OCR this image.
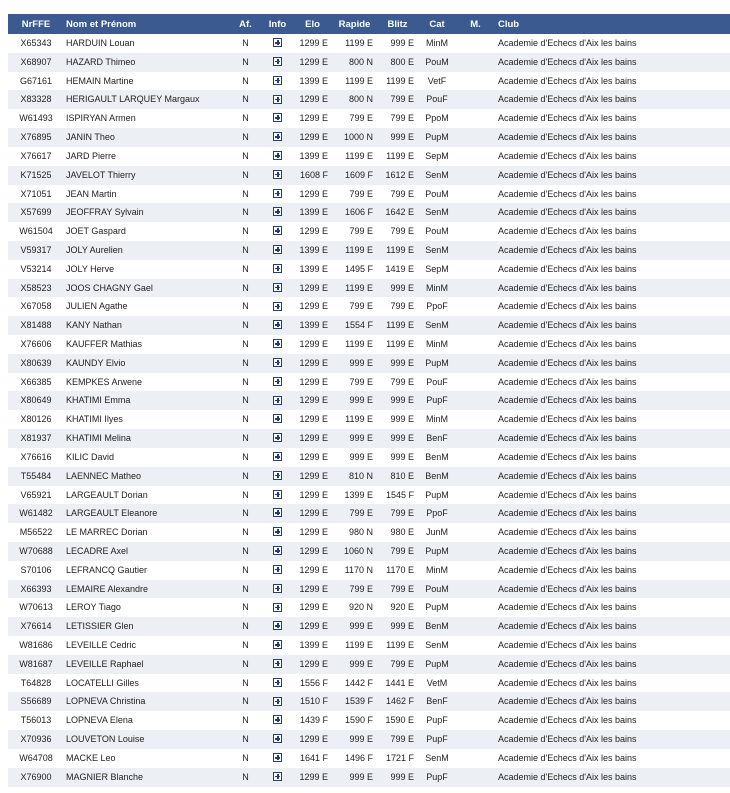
NrFFE	Nom et Prénom	Af.	Info	Elo	Rapide	Blitz	Cat	M.	Club
X65343	HARDUIN Louan	N		1299 E	1199 E	999 E	MinM		Academie d'Echecs d'Aix les bains
X68907	HAZARD Thimeo	N		1299 E	800 N	800 E	PouM		Academie d'Echecs d'Aix les bains
G67161	HEMAIN Martine	N		1399 E	1199 E	1199 E	VetF		Academie d'Echecs d'Aix les bains
X83328	HERIGAULT LARQUEY Margaux	N		1299 E	800 N	799 E	PouF		Academie d'Echecs d'Aix les bains
W61493	ISPIRYAN Armen	N		1299 E	799 E	799 E	PpoM		Academie d'Echecs d'Aix les bains
X76895	JANIN Theo	N		1299 E	1000 N	999 E	PupM		Academie d'Echecs d'Aix les bains
X76617	JARD Pierre	N		1399 E	1199 E	1199 E	SepM		Academie d'Echecs d'Aix les bains
K71525	JAVELOT Thierry	N		1608 F	1609 F	1612 E	SenM		Academie d'Echecs d'Aix les bains
X71051	JEAN Martin	N		1299 E	799 E	799 E	PouM		Academie d'Echecs d'Aix les bains
X57699	JEOFFRAY Sylvain	N		1399 E	1606 F	1642 E	SenM		Academie d'Echecs d'Aix les bains
W61504	JOET Gaspard	N		1299 E	799 E	799 E	PouM		Academie d'Echecs d'Aix les bains
V59317	JOLY Aurelien	N		1399 E	1199 E	1199 E	SenM		Academie d'Echecs d'Aix les bains
V53214	JOLY Herve	N		1399 E	1495 F	1419 E	SepM		Academie d'Echecs d'Aix les bains
X58523	JOOS CHAGNY Gael	N		1299 E	1199 E	999 E	MinM		Academie d'Echecs d'Aix les bains
X67058	JULIEN Agathe	N		1299 E	799 E	799 E	PpoF		Academie d'Echecs d'Aix les bains
X81488	KANY Nathan	N		1399 E	1554 F	1199 E	SenM		Academie d'Echecs d'Aix les bains
X76606	KAUFFER Mathias	N		1299 E	1199 E	1199 E	MinM		Academie d'Echecs d'Aix les bains
X80639	KAUNDY Elvio	N		1299 E	999 E	999 E	PupM		Academie d'Echecs d'Aix les bains
X66385	KEMPKES Arwene	N		1299 E	799 E	799 E	PouF		Academie d'Echecs d'Aix les bains
X80649	KHATIMI Emma	N		1299 E	999 E	999 E	PupF		Academie d'Echecs d'Aix les bains
X80126	KHATIMI Ilyes	N		1299 E	1199 E	999 E	MinM		Academie d'Echecs d'Aix les bains
X81937	KHATIMI Melina	N		1299 E	999 E	999 E	BenF		Academie d'Echecs d'Aix les bains
X76616	KILIC David	N		1299 E	999 E	999 E	BenM		Academie d'Echecs d'Aix les bains
T55484	LAENNEC Matheo	N		1299 E	810 N	810 E	BenM		Academie d'Echecs d'Aix les bains
V65921	LARGEAULT Dorian	N		1299 E	1399 E	1545 F	PupM		Academie d'Echecs d'Aix les bains
W61482	LARGEAULT Eleanore	N		1299 E	799 E	799 E	PpoF		Academie d'Echecs d'Aix les bains
M56522	LE MARREC Dorian	N		1299 E	980 N	980 E	JunM		Academie d'Echecs d'Aix les bains
W70688	LECADRE Axel	N		1299 E	1060 N	799 E	PupM		Academie d'Echecs d'Aix les bains
S70106	LEFRANCQ Gautier	N		1299 E	1170 N	1170 E	MinM		Academie d'Echecs d'Aix les bains
X66393	LEMAIRE Alexandre	N		1299 E	799 E	799 E	PouM		Academie d'Echecs d'Aix les bains
W70613	LEROY Tiago	N		1299 E	920 N	920 E	PupM		Academie d'Echecs d'Aix les bains
X76614	LETISSIER Glen	N		1299 E	999 E	999 E	BenM		Academie d'Echecs d'Aix les bains
W81686	LEVEILLE Cedric	N		1399 E	1199 E	1199 E	SenM		Academie d'Echecs d'Aix les bains
W81687	LEVEILLE Raphael	N		1299 E	999 E	799 E	PupM		Academie d'Echecs d'Aix les bains
T64828	LOCATELLI Gilles	N		1556 F	1442 F	1441 E	VetM		Academie d'Echecs d'Aix les bains
S56689	LOPNEVA Christina	N		1510 F	1539 F	1462 F	BenF		Academie d'Echecs d'Aix les bains
T56013	LOPNEVA Elena	N		1439 F	1590 F	1590 E	PupF		Academie d'Echecs d'Aix les bains
X70936	LOUVETON Louise	N		1299 E	999 E	799 E	PupF		Academie d'Echecs d'Aix les bains
W64708	MACKE Leo	N		1641 F	1496 F	1721 F	SenM		Academie d'Echecs d'Aix les bains
X76900	MAGNIER Blanche	N		1299 E	999 E	999 E	PupF		Academie d'Echecs d'Aix les bains
